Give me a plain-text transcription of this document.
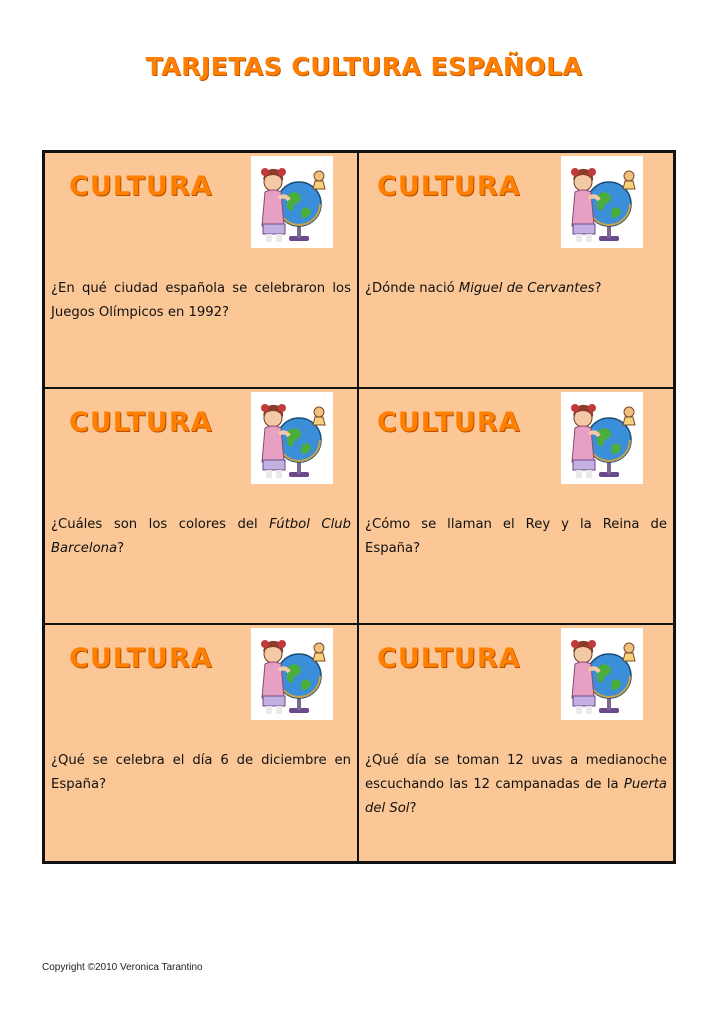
TARJETAS CULTURA ESPAÑOLA
CULTURA
¿En qué ciudad española se celebraron los Juegos Olímpicos en 1992?
CULTURA
¿Dónde nació Miguel de Cervantes?
CULTURA
¿Cuáles son los colores del Fútbol Club Barcelona?
CULTURA
¿Cómo se llaman el Rey y la Reina de España?
CULTURA
¿Qué se celebra el día 6 de diciembre en España?
CULTURA
¿Qué día se toman 12 uvas a medianoche escuchando las 12 campanadas de la Puerta del Sol?
Copyright ©2010 Veronica Tarantino
